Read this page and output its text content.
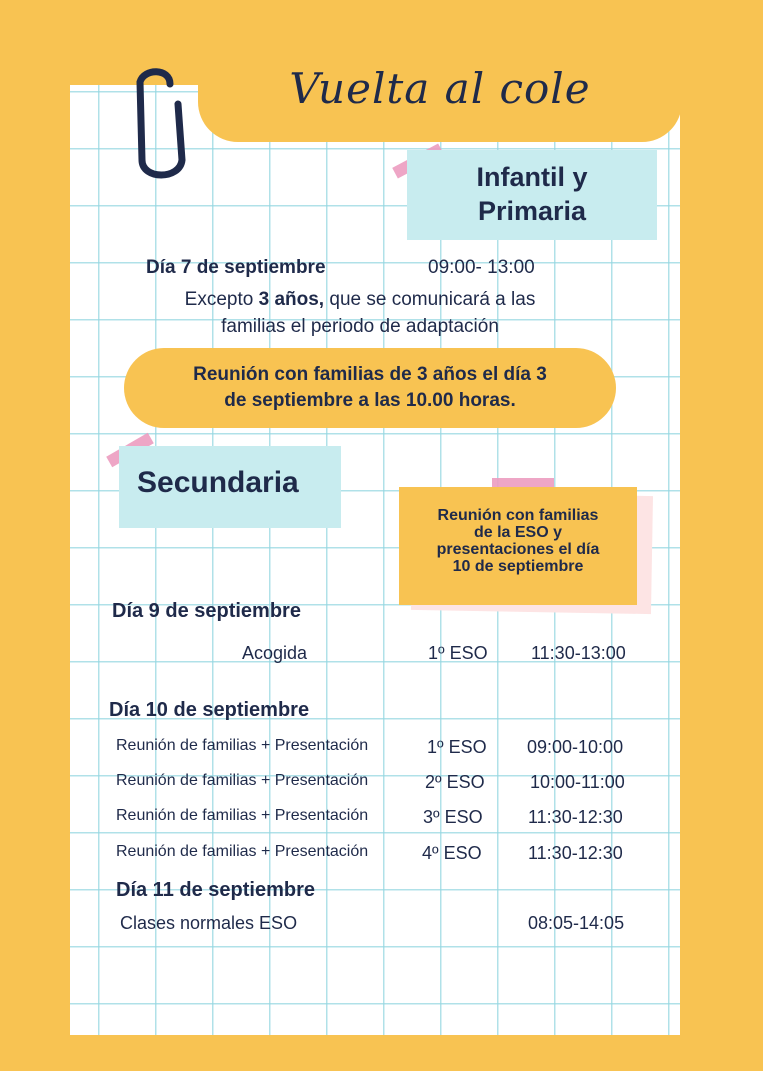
Vuelta al cole
Infantil y
Primaria
Día 7 de septiembre	09:00- 13:00
Excepto 3 años, que se comunicará a las
familias el periodo de adaptación
Reunión con familias de 3 años el día 3
de septiembre a las 10.00 horas.
Secundaria
Reunión con familias
de la ESO y
presentaciones el día
10 de septiembre
Día 9 de septiembre
Acogida	1º ESO 11:30-13:00
Día 10 de septiembre
Reunión de familias + Presentación	1º ESO 09:00-10:00
Reunión de familias + Presentación	2º ESO	10:00-11:00
Reunión de familias + Presentación	3º ESO	11:30-12:30
Reunión de familias + Presentación	4º ESO	11:30-12:30
Día 11 de septiembre
Clases normales ESO	08:05-14:05
